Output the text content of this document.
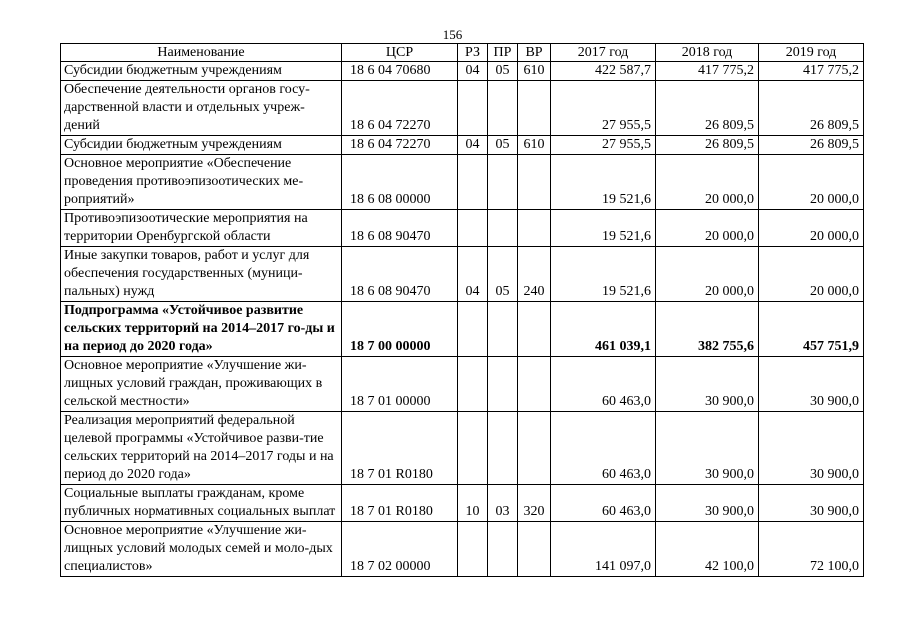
156
Наименование	ЦСР	РЗ	ПР	ВР	2017 год	2018 год	2019 год
Субсидии бюджетным учреждениям	18 6 04 70680	04	05	610	422 587,7	417 775,2	417 775,2
Обеспечение деятельности органов госу-дарственной власти и отдельных учреж-дений	18 6 04 72270				27 955,5	26 809,5	26 809,5
Субсидии бюджетным учреждениям	18 6 04 72270	04	05	610	27 955,5	26 809,5	26 809,5
Основное мероприятие «Обеспечение проведения противоэпизоотических ме-роприятий»	18 6 08 00000				19 521,6	20 000,0	20 000,0
Противоэпизоотические мероприятия на территории Оренбургской области	18 6 08 90470				19 521,6	20 000,0	20 000,0
Иные закупки товаров, работ и услуг для обеспечения государственных (муници-пальных) нужд	18 6 08 90470	04	05	240	19 521,6	20 000,0	20 000,0
Подпрограмма «Устойчивое развитие сельских территорий на 2014–2017 го-ды и на период до 2020 года»	18 7 00 00000				461 039,1	382 755,6	457 751,9
Основное мероприятие «Улучшение жи-лищных условий граждан, проживающих в сельской местности»	18 7 01 00000				60 463,0	30 900,0	30 900,0
Реализация мероприятий федеральной целевой программы «Устойчивое разви-тие сельских территорий на 2014–2017 годы и на период до 2020 года»	18 7 01 R0180				60 463,0	30 900,0	30 900,0
Социальные выплаты гражданам, кроме публичных нормативных социальных выплат	18 7 01 R0180	10	03	320	60 463,0	30 900,0	30 900,0
Основное мероприятие «Улучшение жи-лищных условий молодых семей и моло-дых специалистов»	18 7 02 00000				141 097,0	42 100,0	72 100,0
